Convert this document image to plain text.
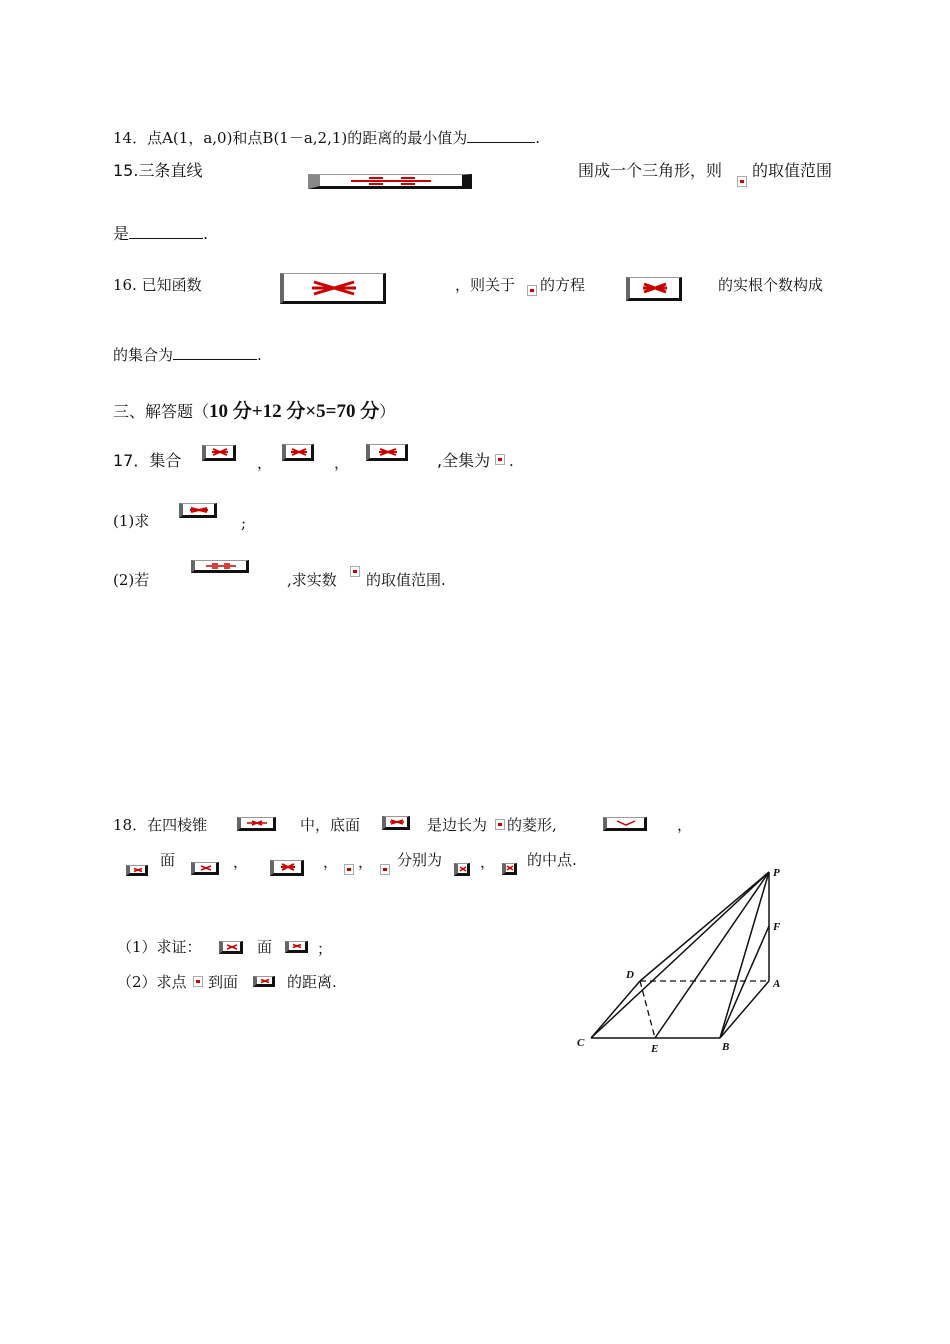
14．点A(1，a,0)和点B(1－a,2,1)的距离的最小值为	.
15.三条直线	围成一个三角形，则 的取值范围
是	.
16. 已知函数	，则关于 的方程	的实根个数构成
的集合为	.
三、解答题（10 分+12 分×5=70 分）
17．集合	，	，	,全集为 .
(1)求	;
(2)若	,求实数 的取值范围.
18．在四棱锥	中，底面	是边长为 的菱形,	，
面	，	， ， 分别为	， 的中点.
（1）求证：	面	；
（2）求点 到面	的距离.
P
F
D
A
C	E	B
